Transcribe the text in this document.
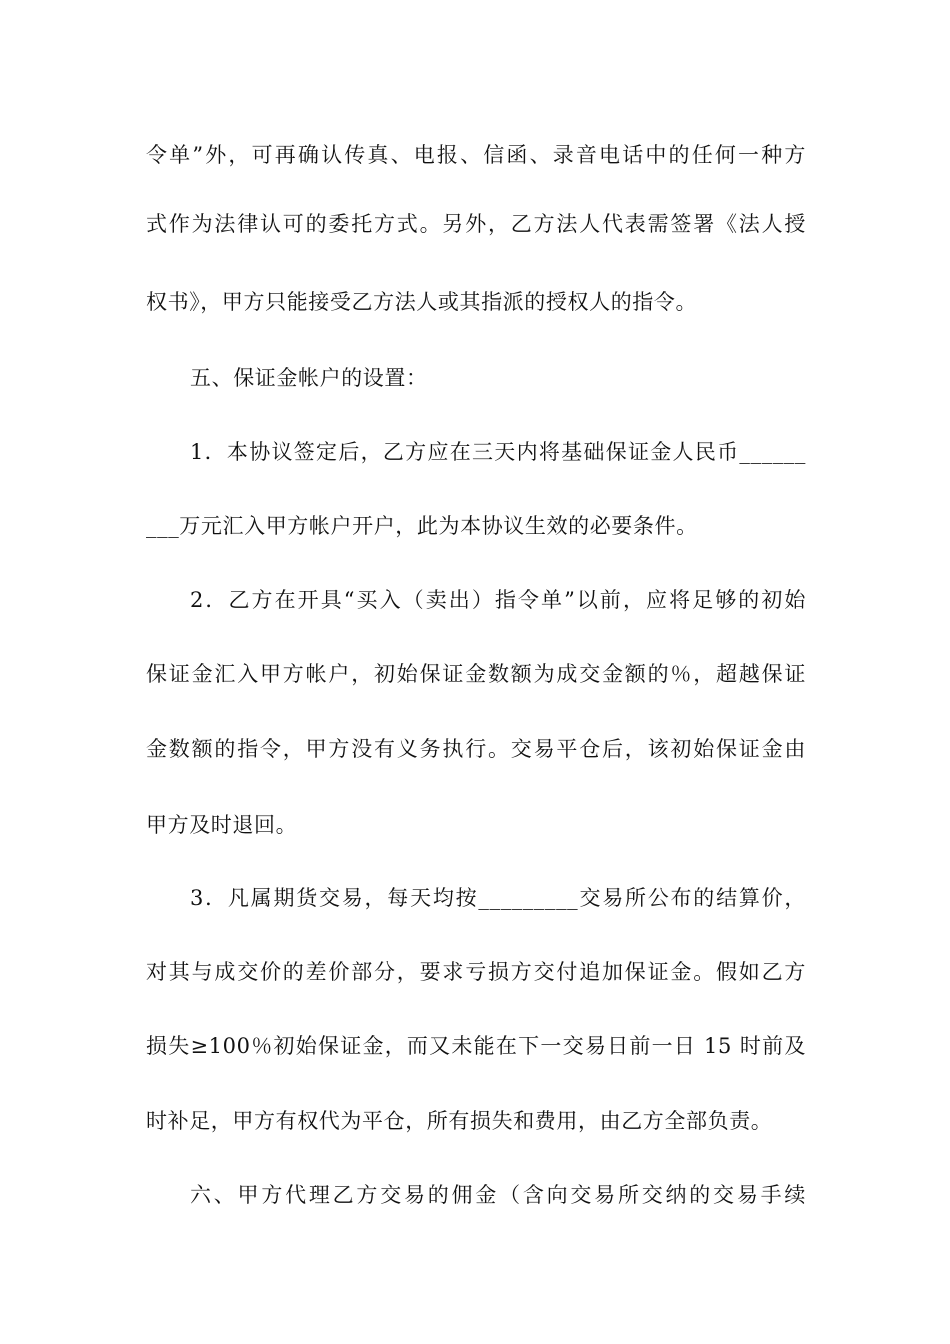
令单”外，可再确认传真、电报、信函、录音电话中的任何一种方
式作为法律认可的委托方式。另外，乙方法人代表需签署《法人授
权书》，甲方只能接受乙方法人或其指派的授权人的指令。
五、保证金帐户的设置：
1．本协议签定后，乙方应在三天内将基础保证金人民币______
___万元汇入甲方帐户开户，此为本协议生效的必要条件。
2．乙方在开具“买入（卖出）指令单”以前，应将足够的初始
保证金汇入甲方帐户，初始保证金数额为成交金额的％，超越保证
金数额的指令，甲方没有义务执行。交易平仓后，该初始保证金由
甲方及时退回。
3．凡属期货交易，每天均按_________交易所公布的结算价，
对其与成交价的差价部分，要求亏损方交付追加保证金。假如乙方
损失≥100％初始保证金，而又未能在下一交易日前一日 15 时前及
时补足，甲方有权代为平仓，所有损失和费用，由乙方全部负责。
六、甲方代理乙方交易的佣金（含向交易所交纳的交易手续
